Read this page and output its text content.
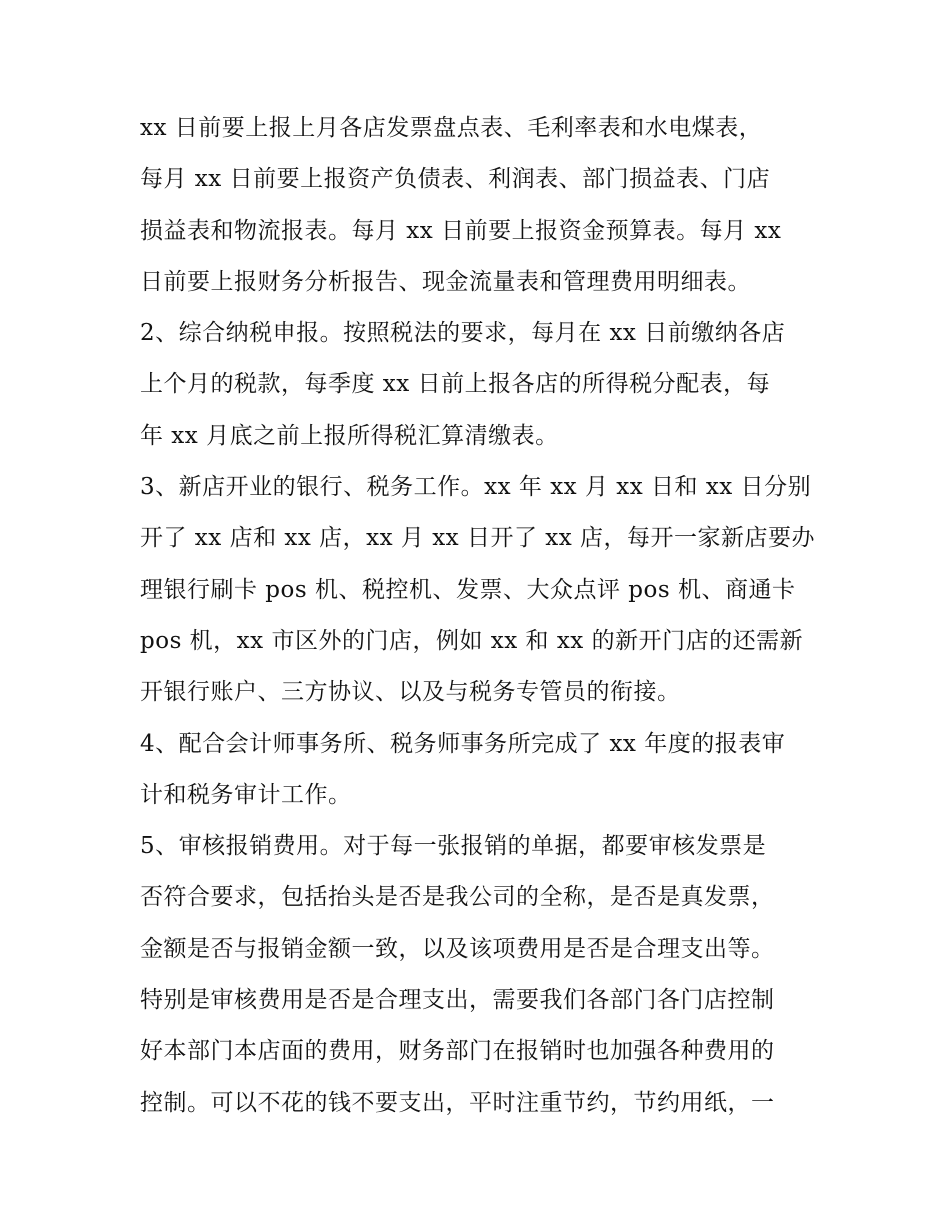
xx 日前要上报上月各店发票盘点表、毛利率表和水电煤表，
每月 xx 日前要上报资产负债表、利润表、部门损益表、门店
损益表和物流报表。每月 xx 日前要上报资金预算表。每月 xx
日前要上报财务分析报告、现金流量表和管理费用明细表。
2、综合纳税申报。按照税法的要求，每月在 xx 日前缴纳各店
上个月的税款，每季度 xx 日前上报各店的所得税分配表，每
年 xx 月底之前上报所得税汇算清缴表。
3、新店开业的银行、税务工作。xx 年 xx 月 xx 日和 xx 日分别
开了 xx 店和 xx 店，xx 月 xx 日开了 xx 店，每开一家新店要办
理银行刷卡 pos 机、税控机、发票、大众点评 pos 机、商通卡
pos 机，xx 市区外的门店，例如 xx 和 xx 的新开门店的还需新
开银行账户、三方协议、以及与税务专管员的衔接。
4、配合会计师事务所、税务师事务所完成了 xx 年度的报表审
计和税务审计工作。
5、审核报销费用。对于每一张报销的单据，都要审核发票是
否符合要求，包括抬头是否是我公司的全称，是否是真发票，
金额是否与报销金额一致，以及该项费用是否是合理支出等。
特别是审核费用是否是合理支出，需要我们各部门各门店控制
好本部门本店面的费用，财务部门在报销时也加强各种费用的
控制。可以不花的钱不要支出，平时注重节约，节约用纸，一
